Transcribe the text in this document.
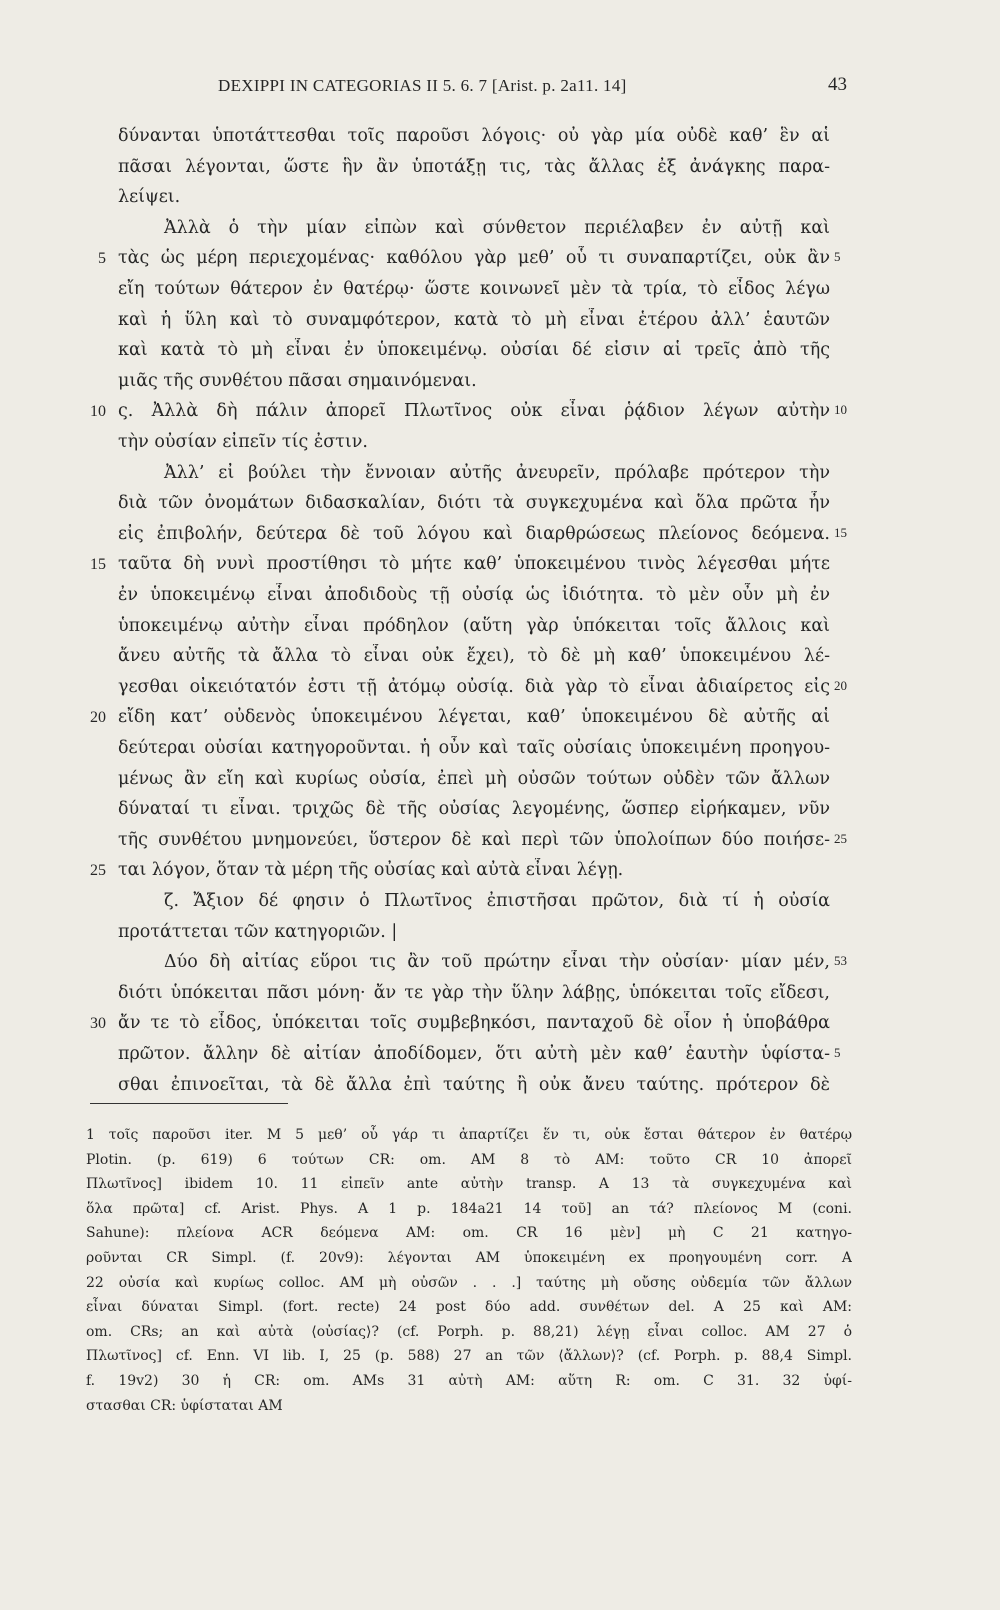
DEXIPPI IN CATEGORIAS II 5. 6. 7 [Arist. p. 2a11. 14]	43
δύνανται ὑποτάττεσθαι τοῖς παροῦσι λόγοις· οὐ γὰρ μία οὐδὲ καθ’ ἓν αἱ
πᾶσαι λέγονται, ὥστε ἣν ἂν ὑποτάξῃ τις, τὰς ἄλλας ἐξ ἀνάγκης παρα-
λείψει.
Ἀλλὰ ὁ τὴν μίαν εἰπὼν καὶ σύνθετον περιέλαβεν ἐν αὐτῇ καὶ
τὰς ὡς μέρη περιεχομένας· καθόλου γὰρ μεθ’ οὗ τι συναπαρτίζει, οὐκ ἂν
5	5
εἴη τούτων θάτερον ἐν θατέρῳ· ὥστε κοινωνεῖ μὲν τὰ τρία, τὸ εἶδος λέγω
καὶ ἡ ὕλη καὶ τὸ συναμφότερον, κατὰ τὸ μὴ εἶναι ἑτέρου ἀλλ’ ἑαυτῶν
καὶ κατὰ τὸ μὴ εἶναι ἐν ὑποκειμένῳ. οὐσίαι δέ εἰσιν αἱ τρεῖς ἀπὸ τῆς
μιᾶς τῆς συνθέτου πᾶσαι σημαινόμεναι.
ς. Ἀλλὰ δὴ πάλιν ἀπορεῖ Πλωτῖνος οὐκ εἶναι ῥᾴδιον λέγων αὐτὴν
10	10
τὴν οὐσίαν εἰπεῖν τίς ἐστιν.
Ἀλλ’ εἰ βούλει τὴν ἔννοιαν αὐτῆς ἀνευρεῖν, πρόλαβε πρότερον τὴν
διὰ τῶν ὀνομάτων διδασκαλίαν, διότι τὰ συγκεχυμένα καὶ ὅλα πρῶτα ἦν
εἰς ἐπιβολήν, δεύτερα δὲ τοῦ λόγου καὶ διαρθρώσεως πλείονος δεόμενα. 15
ταῦτα δὴ νυνὶ προστίθησι τὸ μήτε καθ’ ὑποκειμένου τινὸς λέγεσθαι μήτε
15
ἐν ὑποκειμένῳ εἶναι ἀποδιδοὺς τῇ οὐσίᾳ ὡς ἰδιότητα. τὸ μὲν οὖν μὴ ἐν
ὑποκειμένῳ αὐτὴν εἶναι πρόδηλον (αὕτη γὰρ ὑπόκειται τοῖς ἄλλοις καὶ
ἄνευ αὐτῆς τὰ ἄλλα τὸ εἶναι οὐκ ἔχει), τὸ δὲ μὴ καθ’ ὑποκειμένου λέ-
γεσθαι οἰκειότατόν ἐστι τῇ ἀτόμῳ οὐσίᾳ. διὰ γὰρ τὸ εἶναι ἀδιαίρετος εἰς 20
εἴδη κατ’ οὐδενὸς ὑποκειμένου λέγεται, καθ’ ὑποκειμένου δὲ αὐτῆς αἱ
20
δεύτεραι οὐσίαι κατηγοροῦνται. ἡ οὖν καὶ ταῖς οὐσίαις ὑποκειμένη προηγου-
μένως ἂν εἴη καὶ κυρίως οὐσία, ἐπεὶ μὴ οὐσῶν τούτων οὐδὲν τῶν ἄλλων
δύναταί τι εἶναι. τριχῶς δὲ τῆς οὐσίας λεγομένης, ὥσπερ εἰρήκαμεν, νῦν
τῆς συνθέτου μνημονεύει, ὕστερον δὲ καὶ περὶ τῶν ὑπολοίπων δύο ποιήσε- 25
ται λόγον, ὅταν τὰ μέρη τῆς οὐσίας καὶ αὐτὰ εἶναι λέγῃ.
25
ζ. Ἄξιον δέ φησιν ὁ Πλωτῖνος ἐπιστῆσαι πρῶτον, διὰ τί ἡ οὐσία
προτάττεται τῶν κατηγοριῶν. |
Δύο δὴ αἰτίας εὕροι τις ἂν τοῦ πρώτην εἶναι τὴν οὐσίαν· μίαν μέν, 53
διότι ὑπόκειται πᾶσι μόνη· ἄν τε γὰρ τὴν ὕλην λάβῃς, ὑπόκειται τοῖς εἴδεσι,
ἄν τε τὸ εἶδος, ὑπόκειται τοῖς συμβεβηκόσι, πανταχοῦ δὲ οἷον ἡ ὑποβάθρα
30
πρῶτον. ἄλλην δὲ αἰτίαν ἀποδίδομεν, ὅτι αὐτὴ μὲν καθ’ ἑαυτὴν ὑφίστα- 5
σθαι ἐπινοεῖται, τὰ δὲ ἄλλα ἐπὶ ταύτης ἢ οὐκ ἄνευ ταύτης. πρότερον δὲ
1 τοῖς παροῦσι iter. M 5 μεθ’ οὗ γάρ τι ἀπαρτίζει ἕν τι, οὐκ ἔσται θάτερον ἐν θατέρῳ
Plotin. (p. 619) 6 τούτων CR: om. AM 8 τὸ AM: τοῦτο CR 10 ἀπορεῖ
Πλωτῖνος] ibidem 10. 11 εἰπεῖν ante αὐτὴν transp. A 13 τὰ συγκεχυμένα καὶ
ὅλα πρῶτα] cf. Arist. Phys. A 1 p. 184a21 14 τοῦ] an τά? πλείονος M (coni.
Sahune): πλείονα ACR δεόμενα AM: om. CR 16 μὲν] μὴ C 21 κατηγο-
ροῦνται CR Simpl. (f. 20v9): λέγονται AM ὑποκειμένη ex προηγουμένη corr. A
22 οὐσία καὶ κυρίως colloc. AM μὴ οὐσῶν . . .] ταύτης μὴ οὔσης οὐδεμία τῶν ἄλλων
εἶναι δύναται Simpl. (fort. recte) 24 post δύο add. συνθέτων del. A 25 καὶ AM:
om. CRs; an καὶ αὐτὰ ⟨οὐσίας⟩? (cf. Porph. p. 88,21) λέγῃ εἶναι colloc. AM 27 ὁ
Πλωτῖνος] cf. Enn. VI lib. I, 25 (p. 588) 27 an τῶν ⟨ἄλλων⟩? (cf. Porph. p. 88,4 Simpl.
f. 19v2) 30 ἡ CR: om. AMs 31 αὐτὴ AM: αὕτη R: om. C 31. 32 ὑφί-
στασθαι CR: ὑφίσταται AM
